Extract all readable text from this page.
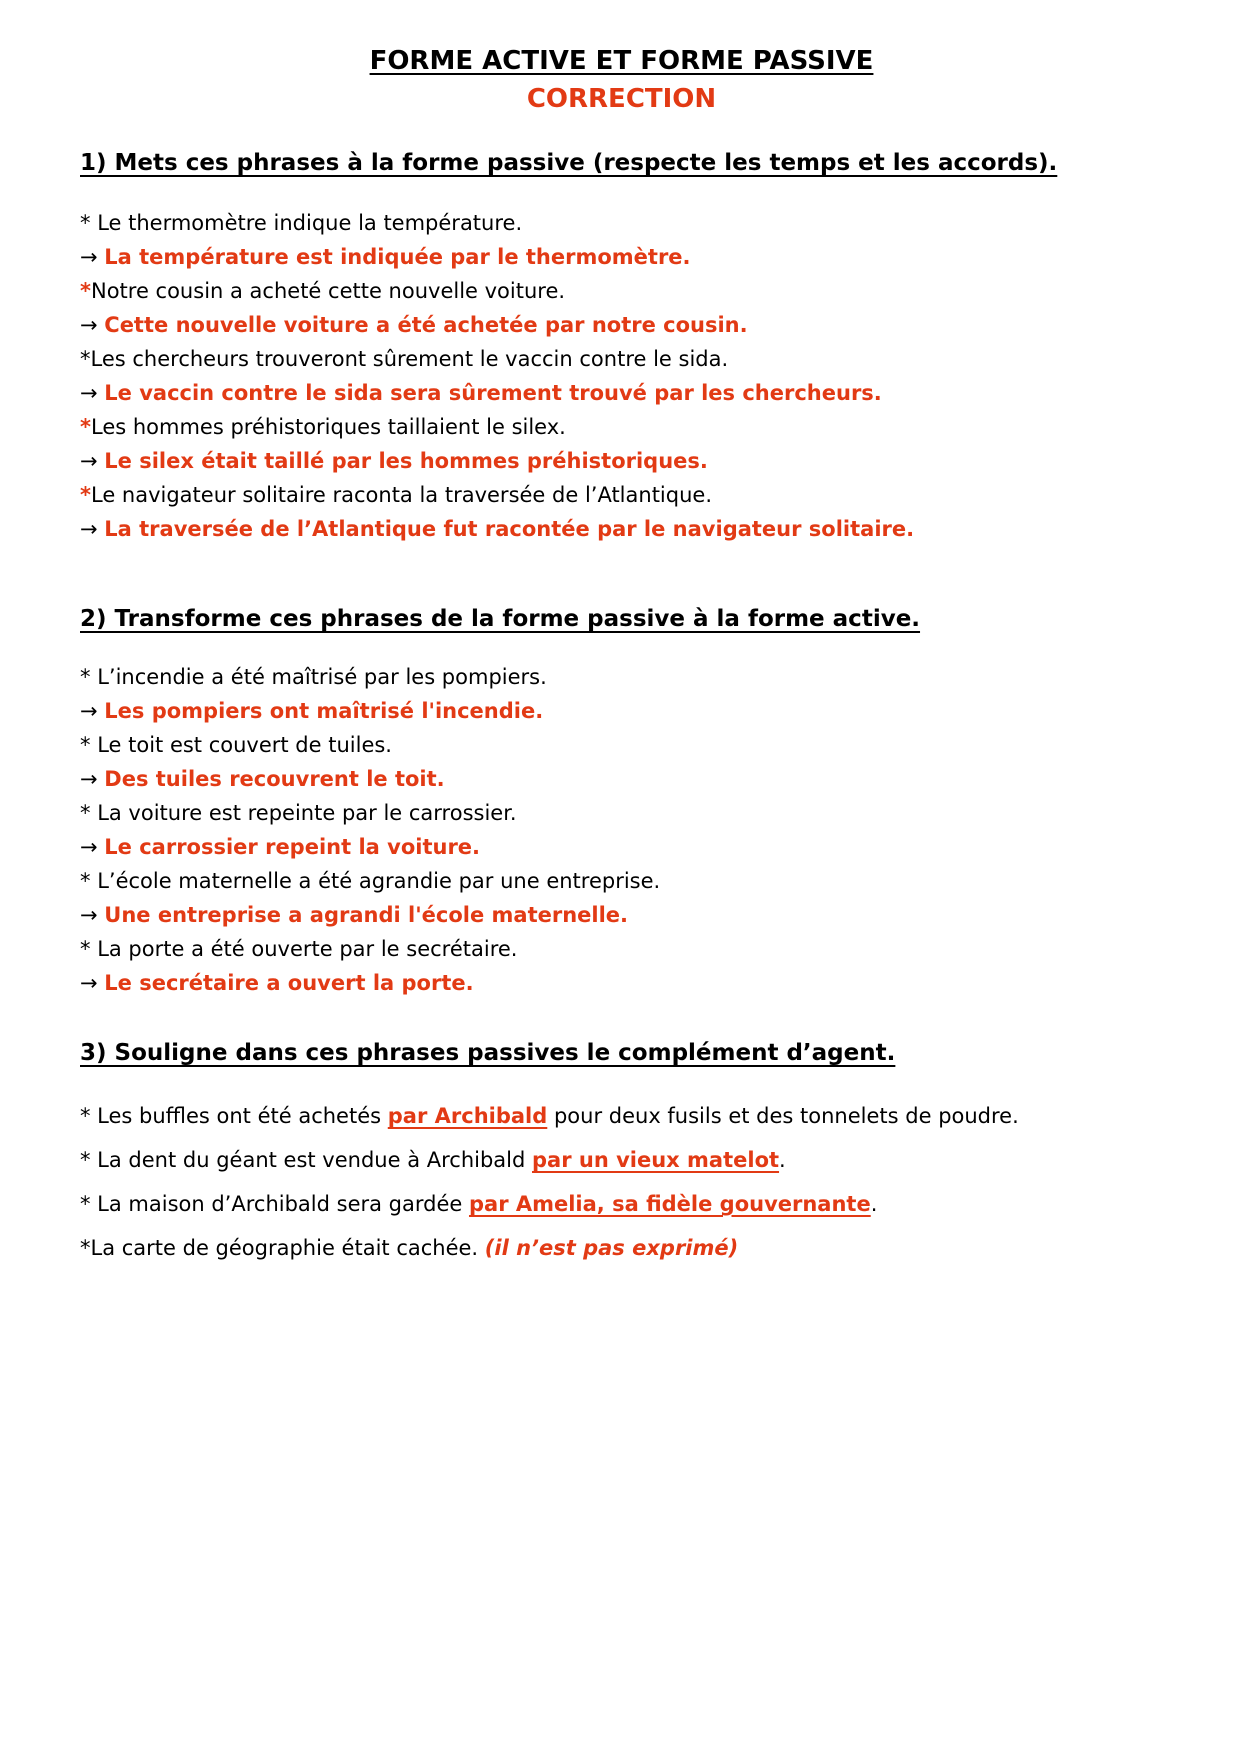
FORME ACTIVE ET FORME PASSIVE
CORRECTION
1) Mets ces phrases à la forme passive (respecte les temps et les accords).

* Le thermomètre indique la température.

→ La température est indiquée par le thermomètre.

*Notre cousin a acheté cette nouvelle voiture.

→ Cette nouvelle voiture a été achetée par notre cousin.

*Les chercheurs trouveront sûrement le vaccin contre le sida.

→ Le vaccin contre le sida sera sûrement trouvé par les chercheurs.

*Les hommes préhistoriques taillaient le silex.

→ Le silex était taillé par les hommes préhistoriques.

*Le navigateur solitaire raconta la traversée de l’Atlantique.

→ La traversée de l’Atlantique fut racontée par le navigateur solitaire.

2) Transforme ces phrases de la forme passive à la forme active.

* L’incendie a été maîtrisé par les pompiers.

→ Les pompiers ont maîtrisé l'incendie.

* Le toit est couvert de tuiles.

→ Des tuiles recouvrent le toit.

* La voiture est repeinte par le carrossier.

→ Le carrossier repeint la voiture.

* L’école maternelle a été agrandie par une entreprise.

→ Une entreprise a agrandi l'école maternelle.

* La porte a été ouverte par le secrétaire.

→ Le secrétaire a ouvert la porte.

3) Souligne dans ces phrases passives le complément d’agent.

* Les buffles ont été achetés par Archibald pour deux fusils et des tonnelets de poudre.

* La dent du géant est vendue à Archibald par un vieux matelot.

* La maison d’Archibald sera gardée par Amelia, sa fidèle gouvernante.

*La carte de géographie était cachée. (il n’est pas exprimé)
